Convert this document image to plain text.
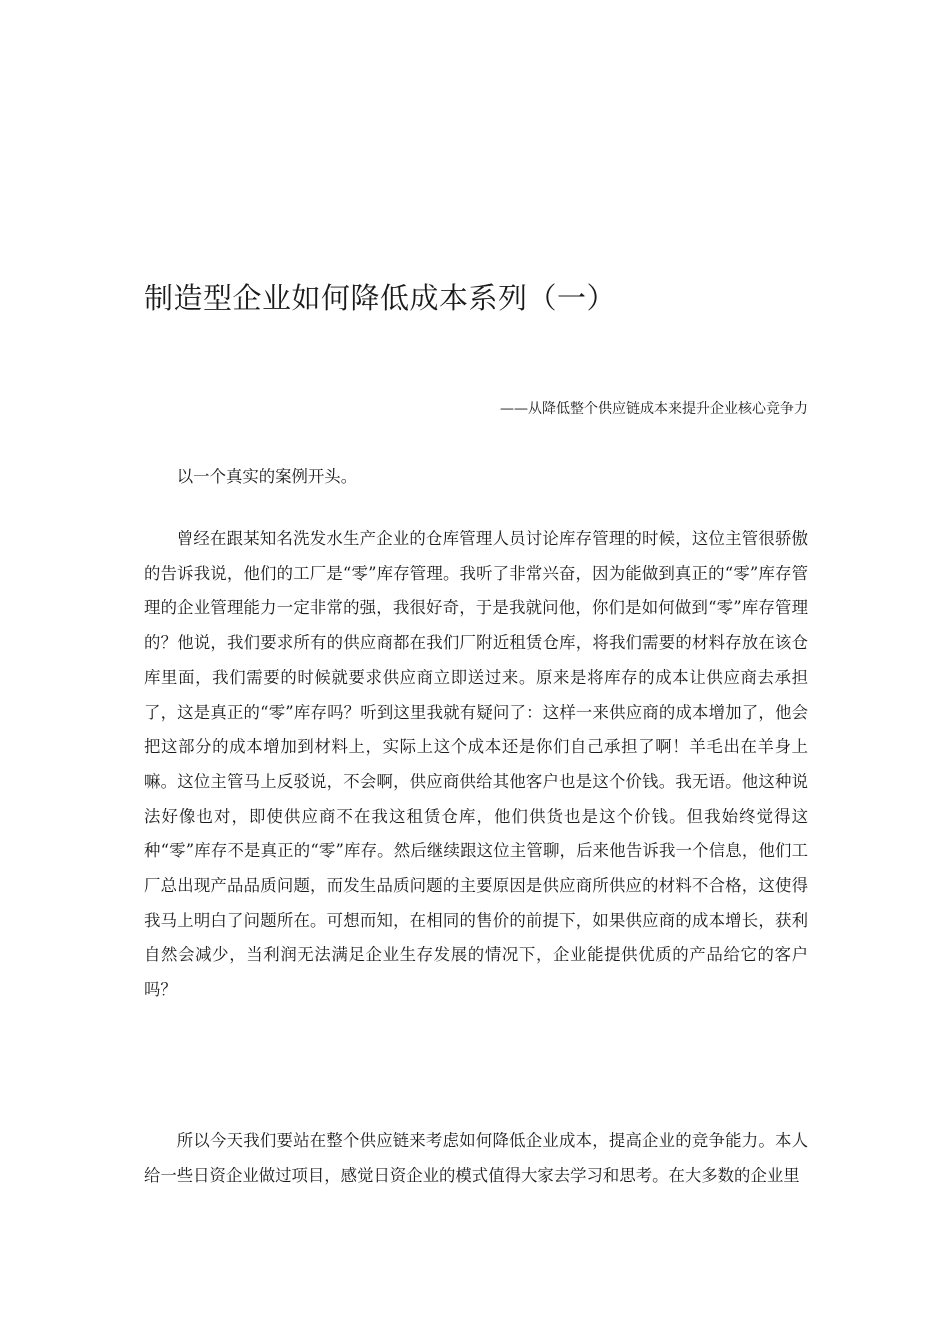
制造型企业如何降低成本系列（一）

——从降低整个供应链成本来提升企业核心竞争力

以一个真实的案例开头。

曾经在跟某知名洗发水生产企业的仓库管理人员讨论库存管理的时候，这位主管很骄傲的告诉我说，他们的工厂是“零”库存管理。我听了非常兴奋，因为能做到真正的“零”库存管理的企业管理能力一定非常的强，我很好奇，于是我就问他，你们是如何做到“零”库存管理的？他说，我们要求所有的供应商都在我们厂附近租赁仓库，将我们需要的材料存放在该仓库里面，我们需要的时候就要求供应商立即送过来。原来是将库存的成本让供应商去承担了，这是真正的“零”库存吗？听到这里我就有疑问了：这样一来供应商的成本增加了，他会把这部分的成本增加到材料上，实际上这个成本还是你们自己承担了啊！羊毛出在羊身上嘛。这位主管马上反驳说，不会啊，供应商供给其他客户也是这个价钱。我无语。他这种说法好像也对，即使供应商不在我这租赁仓库，他们供货也是这个价钱。但我始终觉得这种“零”库存不是真正的“零”库存。然后继续跟这位主管聊，后来他告诉我一个信息，他们工厂总出现产品品质问题，而发生品质问题的主要原因是供应商所供应的材料不合格，这使得我马上明白了问题所在。可想而知，在相同的售价的前提下，如果供应商的成本增长，获利自然会减少，当利润无法满足企业生存发展的情况下，企业能提供优质的产品给它的客户吗？

所以今天我们要站在整个供应链来考虑如何降低企业成本，提高企业的竞争能力。本人给一些日资企业做过项目，感觉日资企业的模式值得大家去学习和思考。在大多数的企业里
